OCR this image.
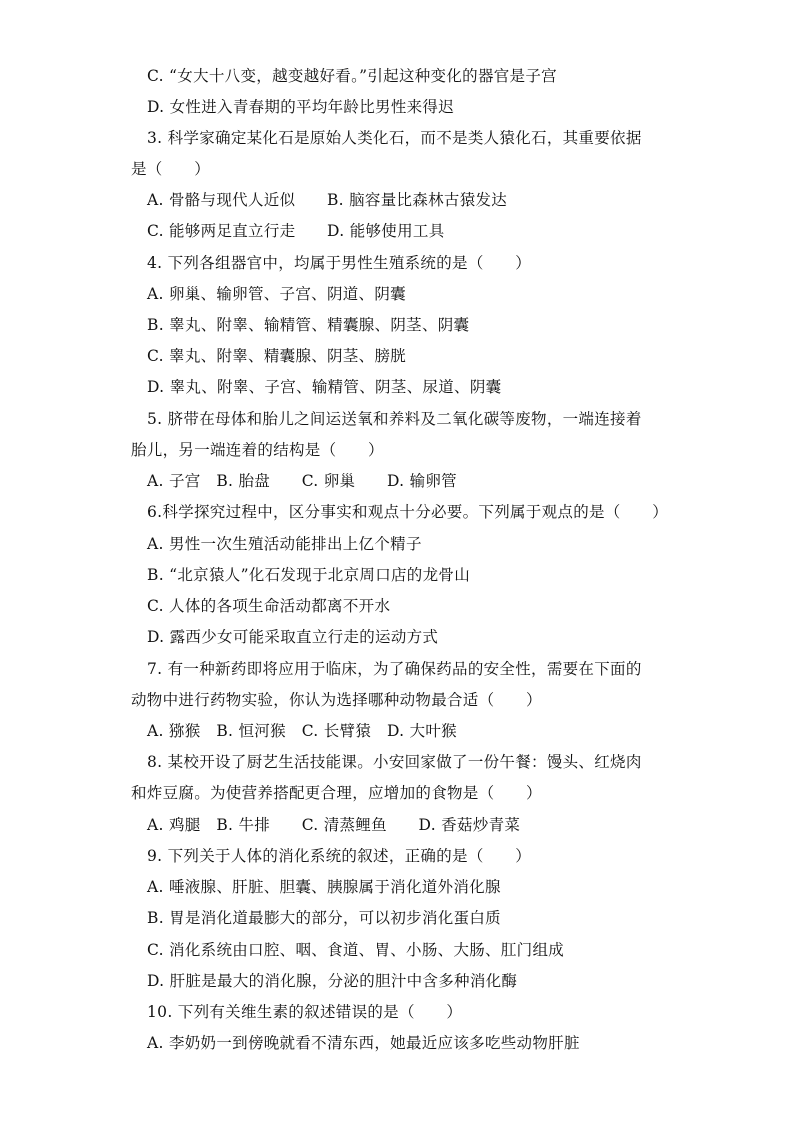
C. “女大十八变，越变越好看。”引起这种变化的器官是子宫
D. 女性进入青春期的平均年龄比男性来得迟
3. 科学家确定某化石是原始人类化石，而不是类人猿化石，其重要依据
是（　　）
A. 骨骼与现代人近似　　B. 脑容量比森林古猿发达
C. 能够两足直立行走　　D. 能够使用工具
4. 下列各组器官中，均属于男性生殖系统的是（　　）
A. 卵巢、输卵管、子宫、阴道、阴囊
B. 睾丸、附睾、输精管、精囊腺、阴茎、阴囊
C. 睾丸、附睾、精囊腺、阴茎、膀胱
D. 睾丸、附睾、子宫、输精管、阴茎、尿道、阴囊
5. 脐带在母体和胎儿之间运送氧和养料及二氧化碳等废物，一端连接着
胎儿，另一端连着的结构是（　　）
A. 子宫　B. 胎盘　　C. 卵巢　　D. 输卵管
6.科学探究过程中，区分事实和观点十分必要。下列属于观点的是（　　）
A. 男性一次生殖活动能排出上亿个精子
B. “北京猿人”化石发现于北京周口店的龙骨山
C. 人体的各项生命活动都离不开水
D. 露西少女可能采取直立行走的运动方式
7. 有一种新药即将应用于临床，为了确保药品的安全性，需要在下面的
动物中进行药物实验，你认为选择哪种动物最合适（　　）
A. 猕猴　B. 恒河猴　C. 长臂猿　D. 大叶猴
8. 某校开设了厨艺生活技能课。小安回家做了一份午餐：馒头、红烧肉
和炸豆腐。为使营养搭配更合理，应增加的食物是（　　）
A. 鸡腿　B. 牛排　　C. 清蒸鲤鱼　　D. 香菇炒青菜
9. 下列关于人体的消化系统的叙述，正确的是（　　）
A. 唾液腺、肝脏、胆囊、胰腺属于消化道外消化腺
B. 胃是消化道最膨大的部分，可以初步消化蛋白质
C. 消化系统由口腔、咽、食道、胃、小肠、大肠、肛门组成
D. 肝脏是最大的消化腺，分泌的胆汁中含多种消化酶
10. 下列有关维生素的叙述错误的是（　　）
A. 李奶奶一到傍晚就看不清东西，她最近应该多吃些动物肝脏
